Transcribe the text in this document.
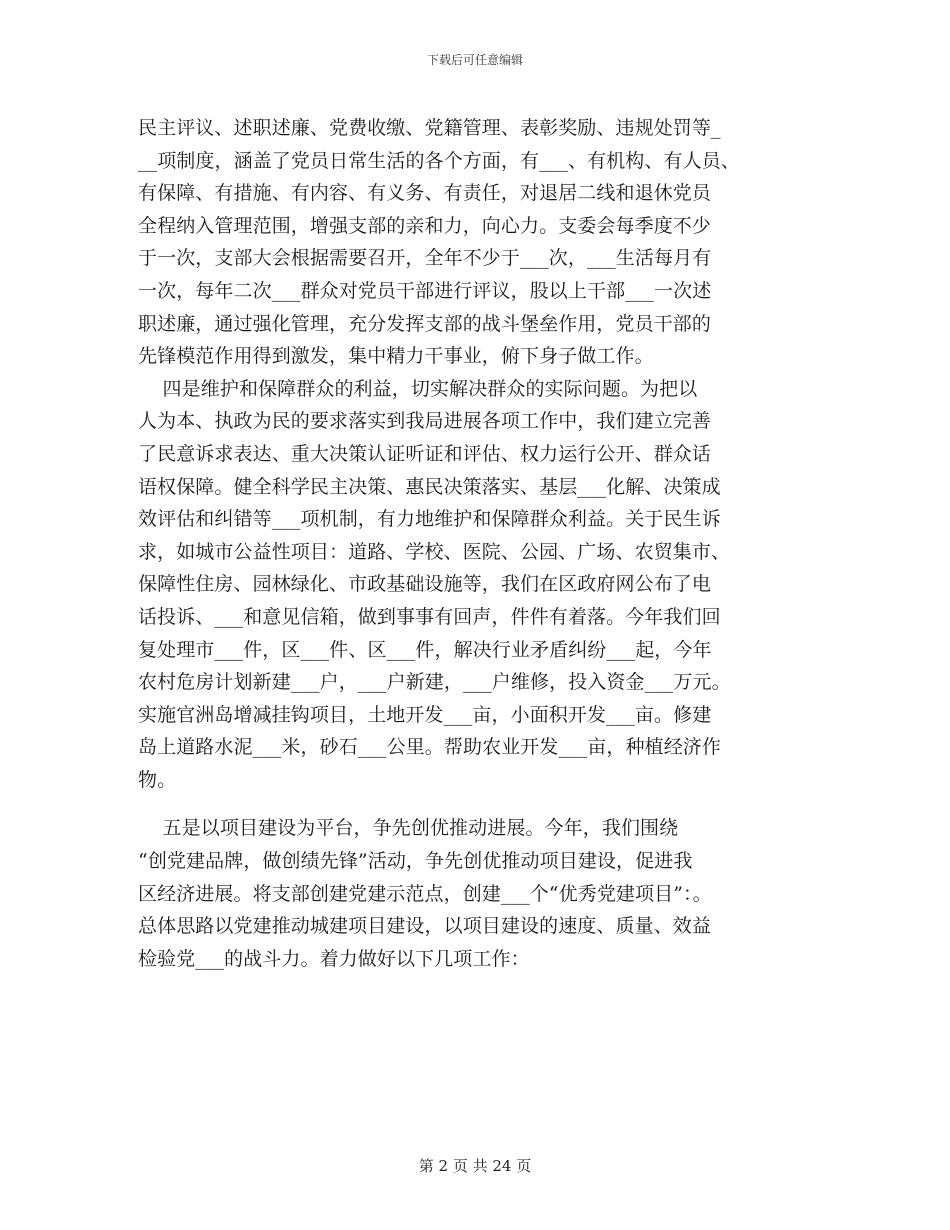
下载后可任意编辑
民主评议、述职述廉、党费收缴、党籍管理、表彰奖励、违规处罚等_
__项制度，涵盖了党员日常生活的各个方面，有___、有机构、有人员、
有保障、有措施、有内容、有义务、有责任，对退居二线和退休党员
全程纳入管理范围，增强支部的亲和力，向心力。支委会每季度不少
于一次，支部大会根据需要召开，全年不少于___次，___生活每月有
一次，每年二次___群众对党员干部进行评议，股以上干部___一次述
职述廉，通过强化管理，充分发挥支部的战斗堡垒作用，党员干部的
先锋模范作用得到激发，集中精力干事业，俯下身子做工作。
四是维护和保障群众的利益，切实解决群众的实际问题。为把以
人为本、执政为民的要求落实到我局进展各项工作中，我们建立完善
了民意诉求表达、重大决策认证听证和评估、权力运行公开、群众话
语权保障。健全科学民主决策、惠民决策落实、基层___化解、决策成
效评估和纠错等___项机制，有力地维护和保障群众利益。关于民生诉
求，如城市公益性项目：道路、学校、医院、公园、广场、农贸集市、
保障性住房、园林绿化、市政基础设施等，我们在区政府网公布了电
话投诉、___和意见信箱，做到事事有回声，件件有着落。今年我们回
复处理市___件，区___件、区___件，解决行业矛盾纠纷___起，今年
农村危房计划新建___户，___户新建，___户维修，投入资金___万元。
实施官洲岛增减挂钩项目，土地开发___亩，小面积开发___亩。修建
岛上道路水泥___米，砂石___公里。帮助农业开发___亩，种植经济作
物。
五是以项目建设为平台，争先创优推动进展。今年，我们围绕
“创党建品牌，做创绩先锋”活动，争先创优推动项目建设，促进我
区经济进展。将支部创建党建示范点，创建___个“优秀党建项目”：。
总体思路以党建推动城建项目建设，以项目建设的速度、质量、效益
检验党___的战斗力。着力做好以下几项工作：
第 2 页 共 24 页
